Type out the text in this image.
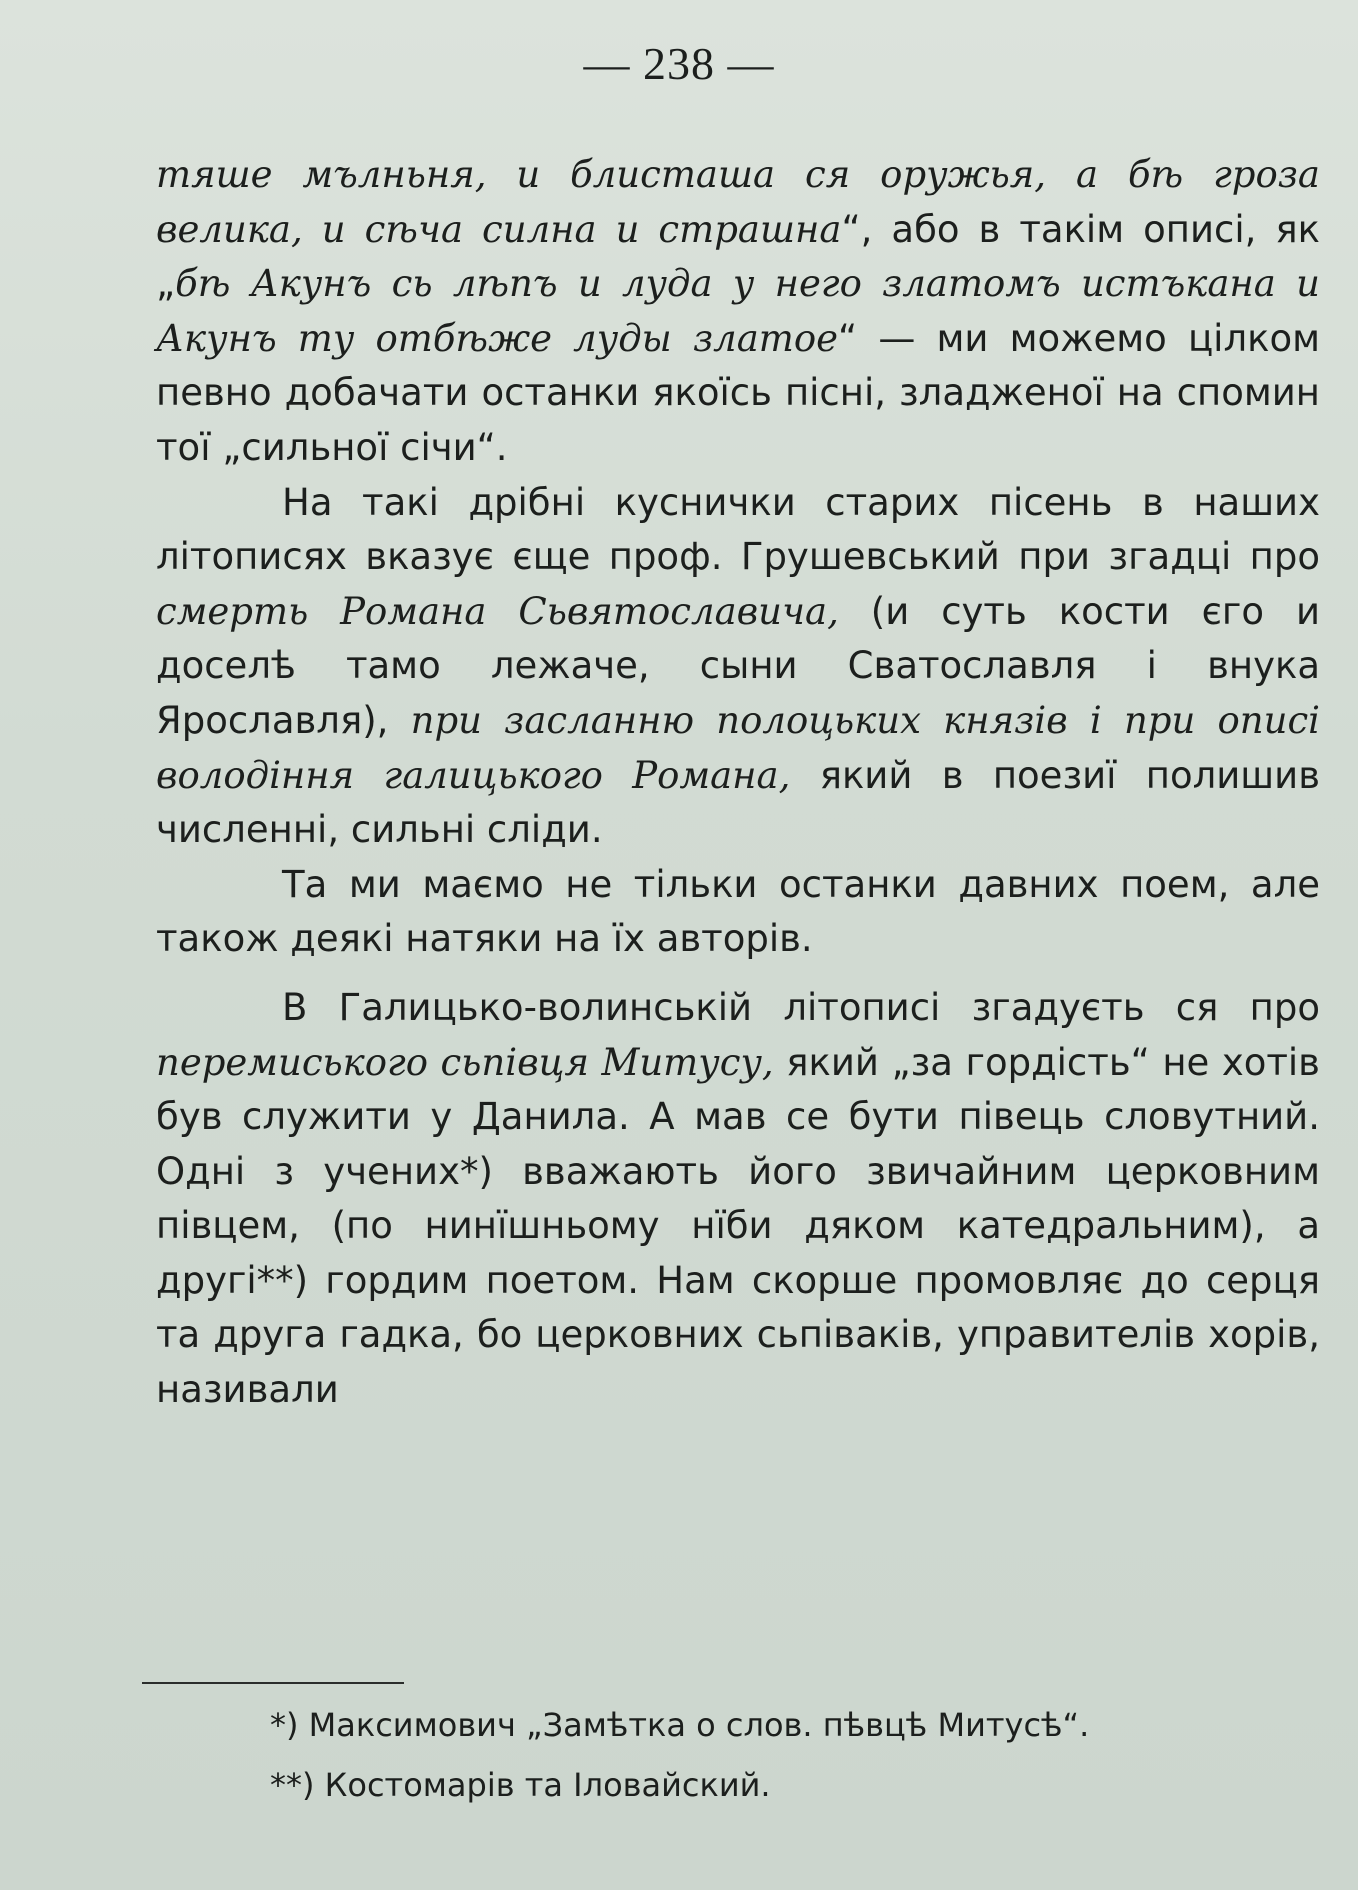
— 238 —

тяше мълньня, и блисташа ся оружья, а бѣ гроза велика, и сѣча силна и страшна“, або в такім описі, як „бѣ Акунъ сь лѣпъ и луда у него златомъ истъкана и Акунъ ту отбѣже луды златое“ — ми можемо цілком певно добачати останки якоїсь пісні, зладженої на спомин тої „сильної січи“.

На такі дрібні куснички старих пісень в наших літописях вказує єще проф. Грушевський при згадці про смерть Романа Сьвятославича, (и суть кости єго и доселѣ тамо лежаче, сыни Сватославля і внука Ярославля), при засланню полоцьких князів і при описі володіння галицького Романа, який в поезиї полишив численні, сильні сліди.

Та ми маємо не тільки останки давних поем, але також деякі натяки на їх авторів.

В Галицько-волинській літописі згадуєть ся про перемиського сьпівця Митусу, який „за гордість“ не хотів був служити у Данила. А мав се бути півець словутний. Одні з учених*) вважають його звичайним церковним півцем, (по нинїшньому нїби дяком катедральним), а другі**) гордим поетом. Нам скорше промовляє до серця та друга гадка, бо церковних сьпіваків, управителів хорів, називали

*) Максимович „Замѣтка о слов. пѣвцѣ Митусѣ“.

**) Костомарів та Іловайский.
